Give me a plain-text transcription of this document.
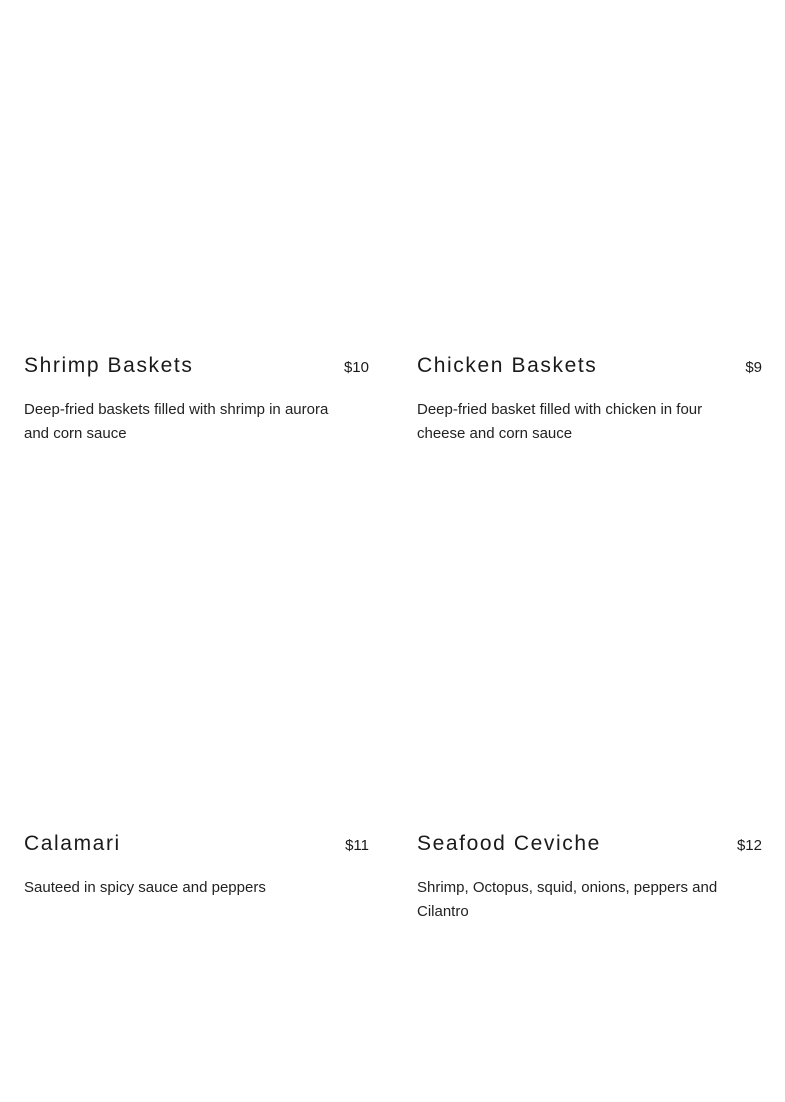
Shrimp Baskets	$10

Deep-fried baskets filled with shrimp in aurora and corn sauce

Chicken Baskets	$9

Deep-fried basket filled with chicken in four cheese and corn sauce

Calamari	$11

Sauteed in spicy sauce and peppers

Seafood Ceviche	$12

Shrimp, Octopus, squid, onions, peppers and Cilantro
